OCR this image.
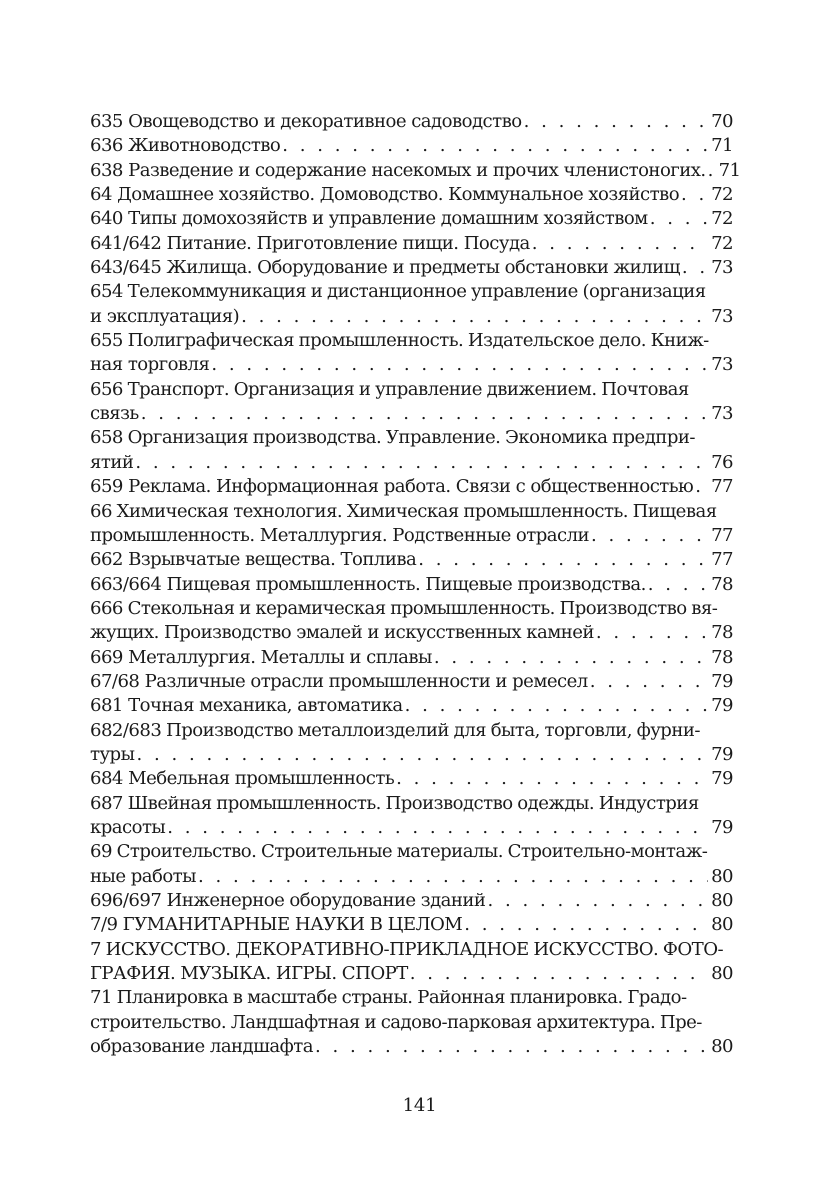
635 Овощеводство и декоративное садоводство . . .	70
636 Животноводство . . .	71
638 Разведение и содержание насекомых и прочих членистоногих. . . . 71
64 Домашнее хозяйство. Домоводство. Коммунальное хозяйство . . . 72
640 Типы домохозяйств и управление домашним хозяйством . . .	72
641/642 Питание. Приготовление пищи. Посуда . . .	72
643/645 Жилища. Оборудование и предметы обстановки жилищ . . . 73
654 Телекоммуникация и дистанционное управление (организация
и эксплуатация) . . .	73
655 Полиграфическая промышленность. Издательское дело. Книж-
ная торговля . . .	73
656 Транспорт. Организация и управление движением. Почтовая
связь . . .	73
658 Организация производства. Управление. Экономика предпри-
ятий . . .	76
659 Реклама. Информационная работа. Связи с общественностью . . . 77
66 Химическая технология. Химическая промышленность. Пищевая
промышленность. Металлургия. Родственные отрасли . . .	77
662 Взрывчатые вещества. Топлива . . .	77
663/664 Пищевая промышленность. Пищевые производства. . . .	78
666 Стекольная и керамическая промышленность. Производство вя-
жущих. Производство эмалей и искусственных камней . . .	78
669 Металлургия. Металлы и сплавы . . .	78
67/68 Различные отрасли промышленности и ремесел . . .	79
681 Точная механика, автоматика . . .	79
682/683 Производство металлоизделий для быта, торговли, фурни-
туры . . .	79
684 Мебельная промышленность . . .	79
687 Швейная промышленность. Производство одежды. Индустрия
красоты . . .	79
69 Строительство. Строительные материалы. Строительно-монтаж-
ные работы . . .	80
696/697 Инженерное оборудование зданий . . .	80
7/9 ГУМАНИТАРНЫЕ НАУКИ В ЦЕЛОМ . . .	80
7 ИСКУССТВО. ДЕКОРАТИВНО-ПРИКЛАДНОЕ ИСКУССТВО. ФОТО-
ГРАФИЯ. МУЗЫКА. ИГРЫ. СПОРТ . . .	80
71 Планировка в масштабе страны. Районная планировка. Градо-
строительство. Ландшафтная и садово-парковая архитектура. Пре-
образование ландшафта . . .	80
141
